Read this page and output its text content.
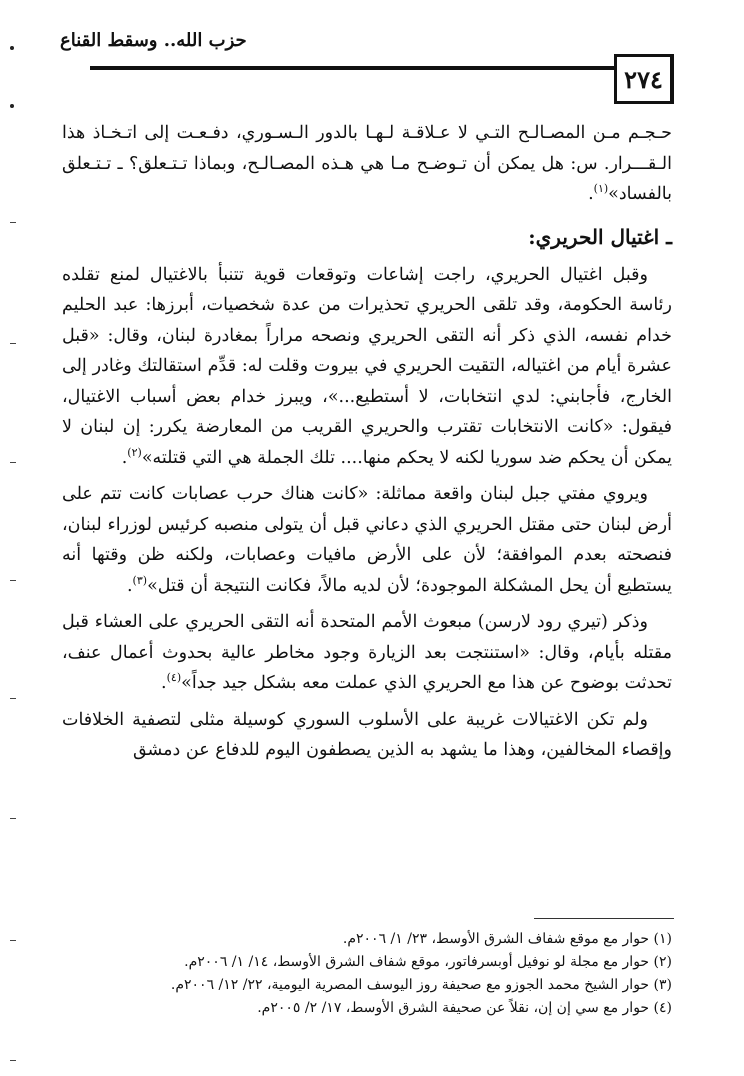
حزب الله.. وسقط القناع
٢٧٤

حـجـم مـن المصـالـح التـي لا عـلاقـة لـهـا بالدور الـسـوري، دفـعـت إلى اتـخـاذ هذا الـقـــرار. س: هل يمكن أن تـوضـح مـا هي هـذه المصـالـح، وبماذا تـتـعلق؟ ـ تـتـعلق بالفساد»$^{(١)}$.

ـ اغتيال الحريري:

وقبل اغتيال الحريري، راجت إشاعات وتوقعات قوية تتنبأ بالاغتيال لمنع تقلده رئاسة الحكومة، وقد تلقى الحريري تحذيرات من عدة شخصيات، أبرزها: عبد الحليم خدام نفسه، الذي ذكر أنه التقى الحريري ونصحه مراراً بمغادرة لبنان، وقال: «قبل عشرة أيام من اغتياله، التقيت الحريري في بيروت وقلت له: قدِّم استقالتك وغادر إلى الخارج، فأجابني: لدي انتخابات، لا أستطيع...»، ويبرز خدام بعض أسباب الاغتيال، فيقول: «كانت الانتخابات تقترب والحريري القريب من المعارضة يكرر: إن لبنان لا يمكن أن يحكم ضد سوريا لكنه لا يحكم منها.... تلك الجملة هي التي قتلته»$^{(٢)}$.

ويروي مفتي جبل لبنان واقعة مماثلة: «كانت هناك حرب عصابات كانت تتم على أرض لبنان حتى مقتل الحريري الذي دعاني قبل أن يتولى منصبه كرئيس لوزراء لبنان، فنصحته بعدم الموافقة؛ لأن على الأرض مافيات وعصابات، ولكنه ظن وقتها أنه يستطيع أن يحل المشكلة الموجودة؛ لأن لديه مالاً، فكانت النتيجة أن قتل»$^{(٣)}$.

وذكر (تيري رود لارسن) مبعوث الأمم المتحدة أنه التقى الحريري على العشاء قبل مقتله بأيام، وقال: «استنتجت بعد الزيارة وجود مخاطر عالية بحدوث أعمال عنف، تحدثت بوضوح عن هذا مع الحريري الذي عملت معه بشكل جيد جداً»$^{(٤)}$.

ولم تكن الاغتيالات غريبة على الأسلوب السوري كوسيلة مثلى لتصفية الخلافات وإقصاء المخالفين، وهذا ما يشهد به الذين يصطفون اليوم للدفاع عن دمشق

(١) حوار مع موقع شفاف الشرق الأوسط، ٢٣/ ١/ ٢٠٠٦م.

(٢) حوار مع مجلة لو نوفيل أوبسرفاتور، موقع شفاف الشرق الأوسط، ١٤/ ١/ ٢٠٠٦م.

(٣) حوار الشيخ محمد الجوزو مع صحيفة روز اليوسف المصرية اليومية، ٢٢/ ١٢/ ٢٠٠٦م.

(٤) حوار مع سي إن إن، نقلاً عن صحيفة الشرق الأوسط، ١٧/ ٢/ ٢٠٠٥م.
